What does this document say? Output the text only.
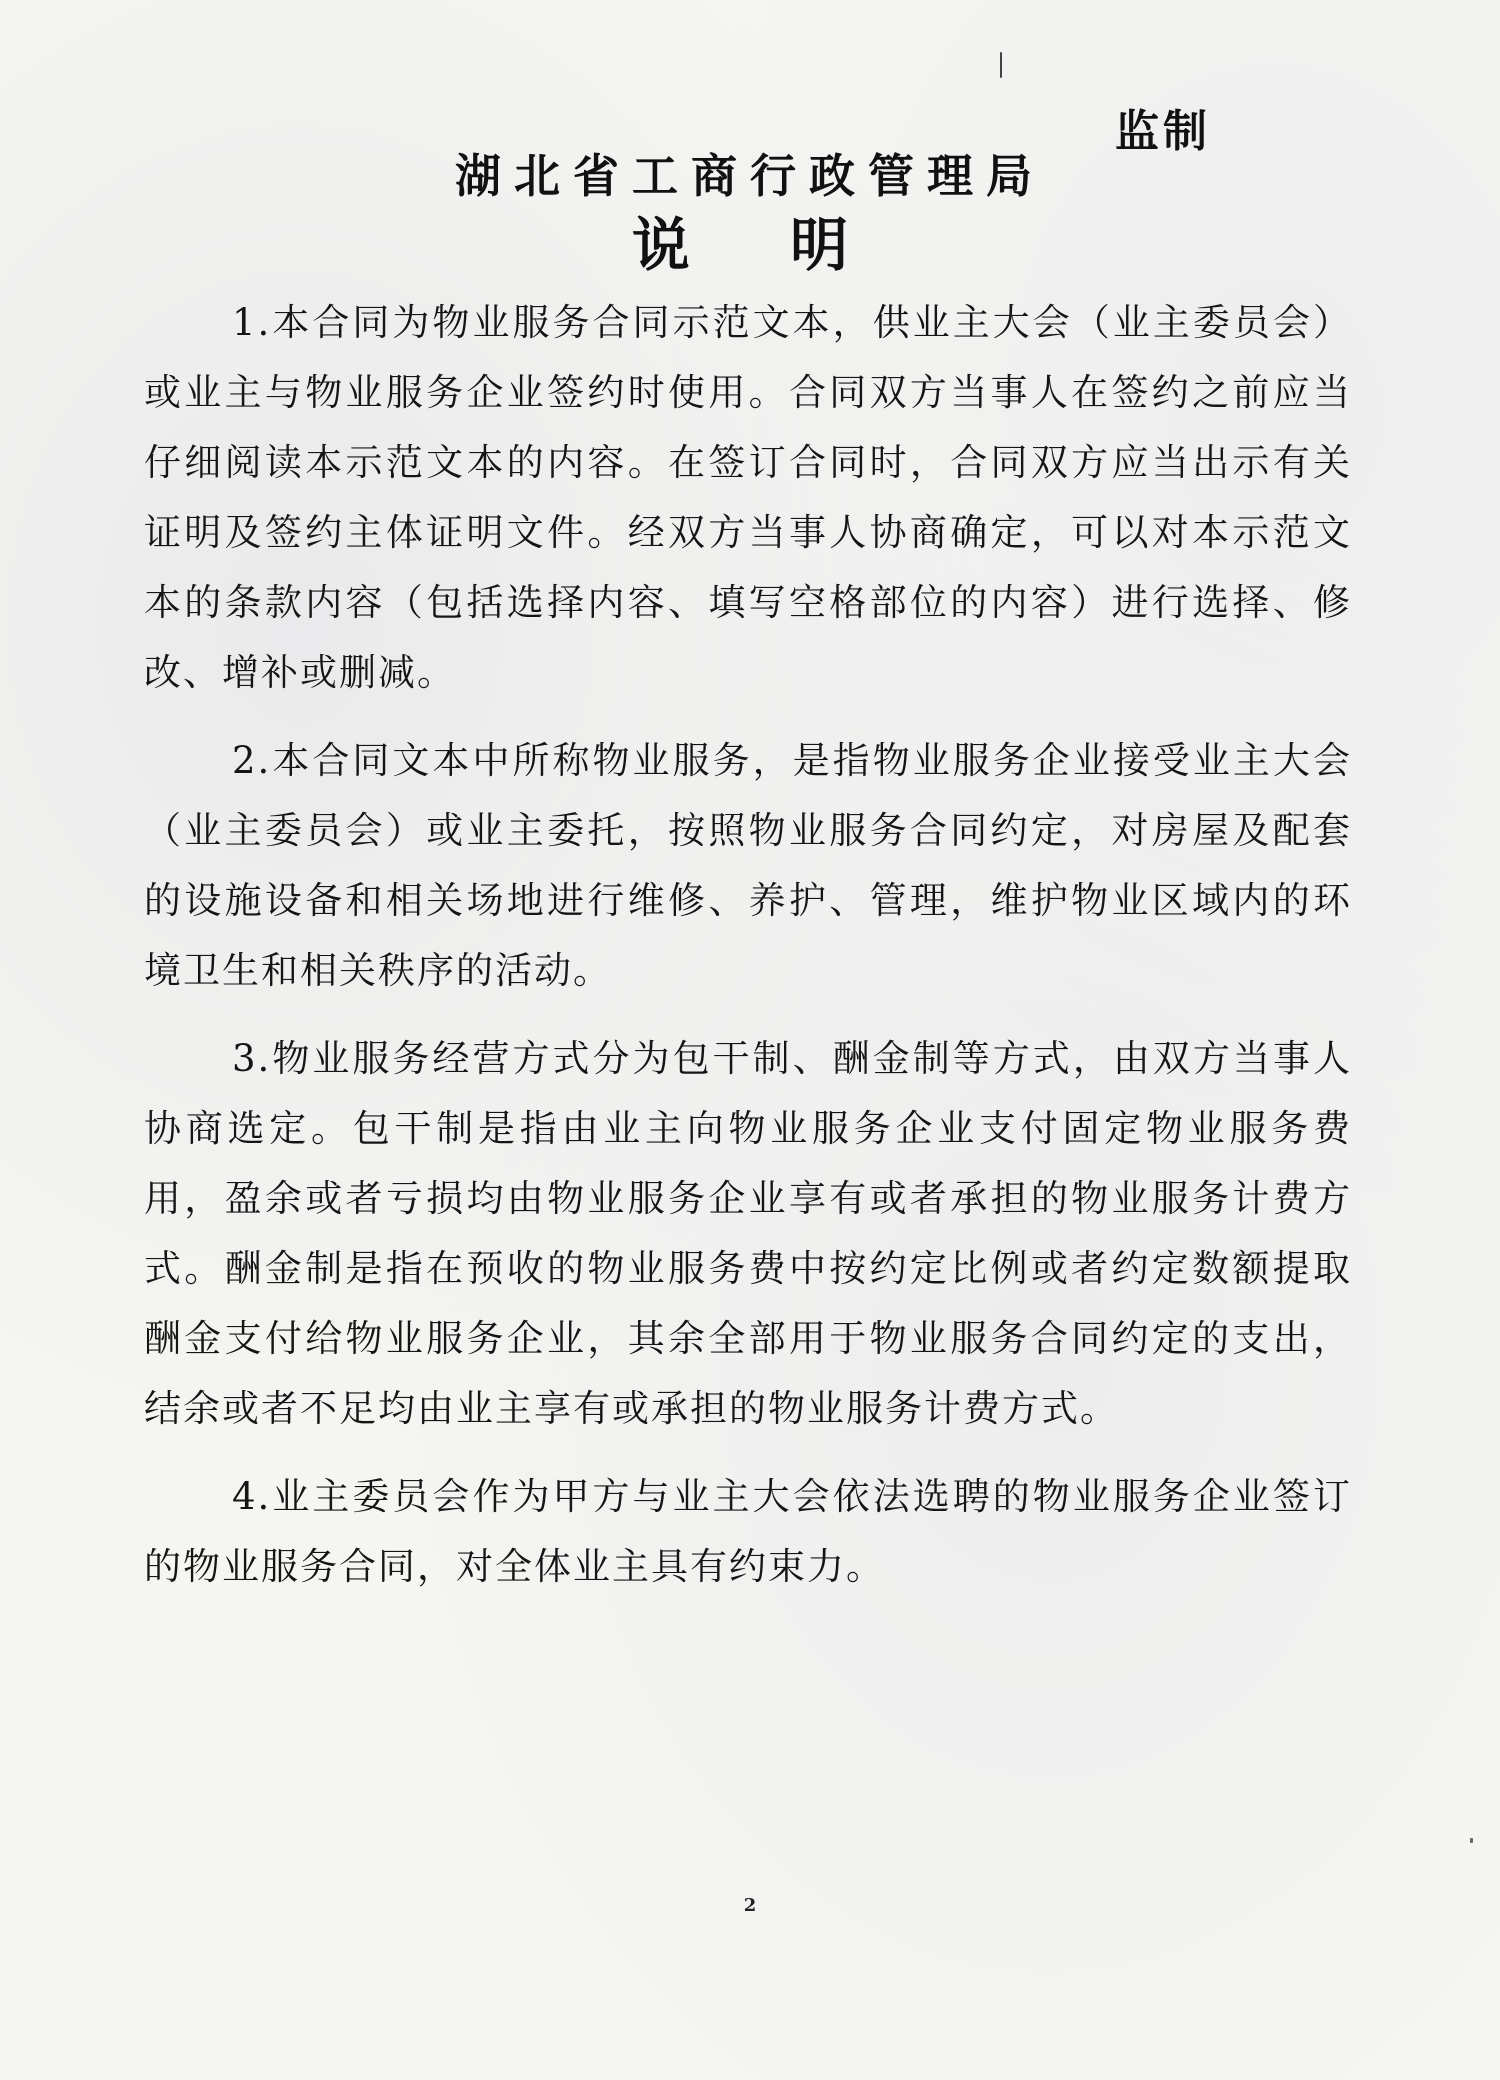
监制
湖北省工商行政管理局
说 明

1.本合同为物业服务合同示范文本，供业主大会（业主委员会）或业主与物业服务企业签约时使用。合同双方当事人在签约之前应当仔细阅读本示范文本的内容。在签订合同时，合同双方应当出示有关证明及签约主体证明文件。经双方当事人协商确定，可以对本示范文本的条款内容（包括选择内容、填写空格部位的内容）进行选择、修改、增补或删减。

2.本合同文本中所称物业服务，是指物业服务企业接受业主大会（业主委员会）或业主委托，按照物业服务合同约定，对房屋及配套的设施设备和相关场地进行维修、养护、管理，维护物业区域内的环境卫生和相关秩序的活动。

3.物业服务经营方式分为包干制、酬金制等方式，由双方当事人协商选定。包干制是指由业主向物业服务企业支付固定物业服务费用，盈余或者亏损均由物业服务企业享有或者承担的物业服务计费方式。酬金制是指在预收的物业服务费中按约定比例或者约定数额提取酬金支付给物业服务企业，其余全部用于物业服务合同约定的支出，结余或者不足均由业主享有或承担的物业服务计费方式。

4.业主委员会作为甲方与业主大会依法选聘的物业服务企业签订的物业服务合同，对全体业主具有约束力。

2
